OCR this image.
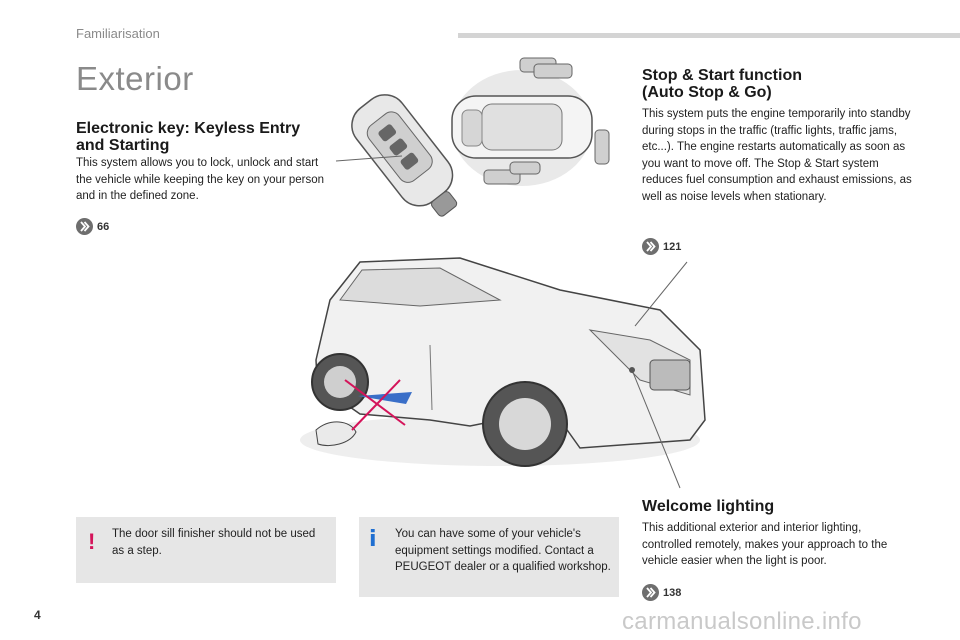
Familiarisation
Exterior
Electronic key: Keyless Entry
and Starting

This system allows you to lock, unlock and start the vehicle while keeping the key on your person and in the defined zone.

66
Stop & Start function
(Auto Stop & Go)

This system puts the engine temporarily into standby during stops in the traffic (traffic lights, traffic jams, etc...). The engine restarts automatically as soon as you want to move off. The Stop & Start system reduces fuel consumption and exhaust emissions, as well as noise levels when stationary.

121
Welcome lighting

This additional exterior and interior lighting, controlled remotely, makes your approach to the vehicle easier when the light is poor.

138
! The door sill finisher should not be used as a step.	i You can have some of your vehicle's equipment settings modified. Contact a PEUGEOT dealer or a qualified workshop.
4	carmanualsonline.info
